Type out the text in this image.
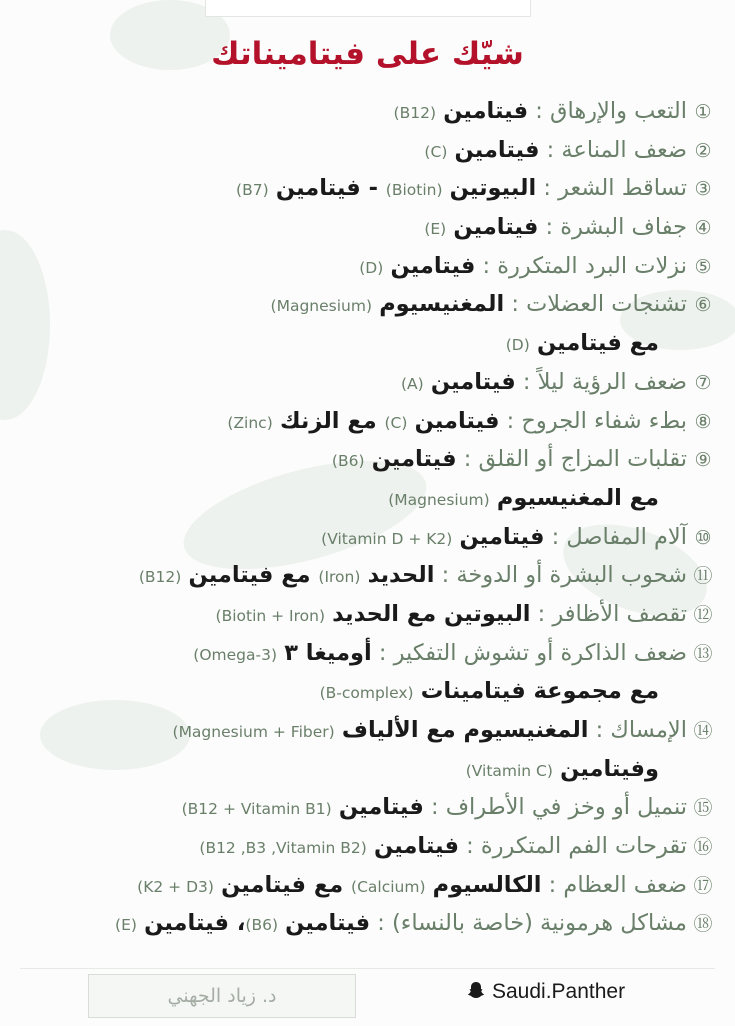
شيّك على فيتاميناتك
①التعب والإرهاق : فيتامين (B12)
②ضعف المناعة : فيتامين (C)
③تساقط الشعر : البيوتين (Biotin) - فيتامين (B7)
④جفاف البشرة : فيتامين (E)
⑤نزلات البرد المتكررة : فيتامين (D)
⑥تشنجات العضلات : المغنيسيوم (Magnesium)
مع فيتامين (D)
⑦ضعف الرؤية ليلاً : فيتامين (A)
⑧بطء شفاء الجروح : فيتامين (C) مع الزنك (Zinc)
⑨تقلبات المزاج أو القلق : فيتامين (B6)
مع المغنيسيوم (Magnesium)
⑩آلام المفاصل : فيتامين (Vitamin D + K2)
⑪شحوب البشرة أو الدوخة : الحديد (Iron) مع فيتامين (B12)
⑫تقصف الأظافر : البيوتين مع الحديد (Biotin + Iron)
⑬ضعف الذاكرة أو تشوش التفكير : أوميغا ٣ (3-Omega)
مع مجموعة فيتامينات (B-complex)
⑭الإمساك : المغنيسيوم مع الألياف (Magnesium + Fiber)
وفيتامين (Vitamin C)
⑮تنميل أو وخز في الأطراف : فيتامين (B12 + Vitamin B1)
⑯تقرحات الفم المتكررة : فيتامين (B12 ,B3 ,Vitamin B2)
⑰ضعف العظام : الكالسيوم (Calcium) مع فيتامين (K2 + D3)
⑱مشاكل هرمونية (خاصة بالنساء) : فيتامين (B6)، فيتامين (E)
د. زياد الجهني	Saudi.Panther
